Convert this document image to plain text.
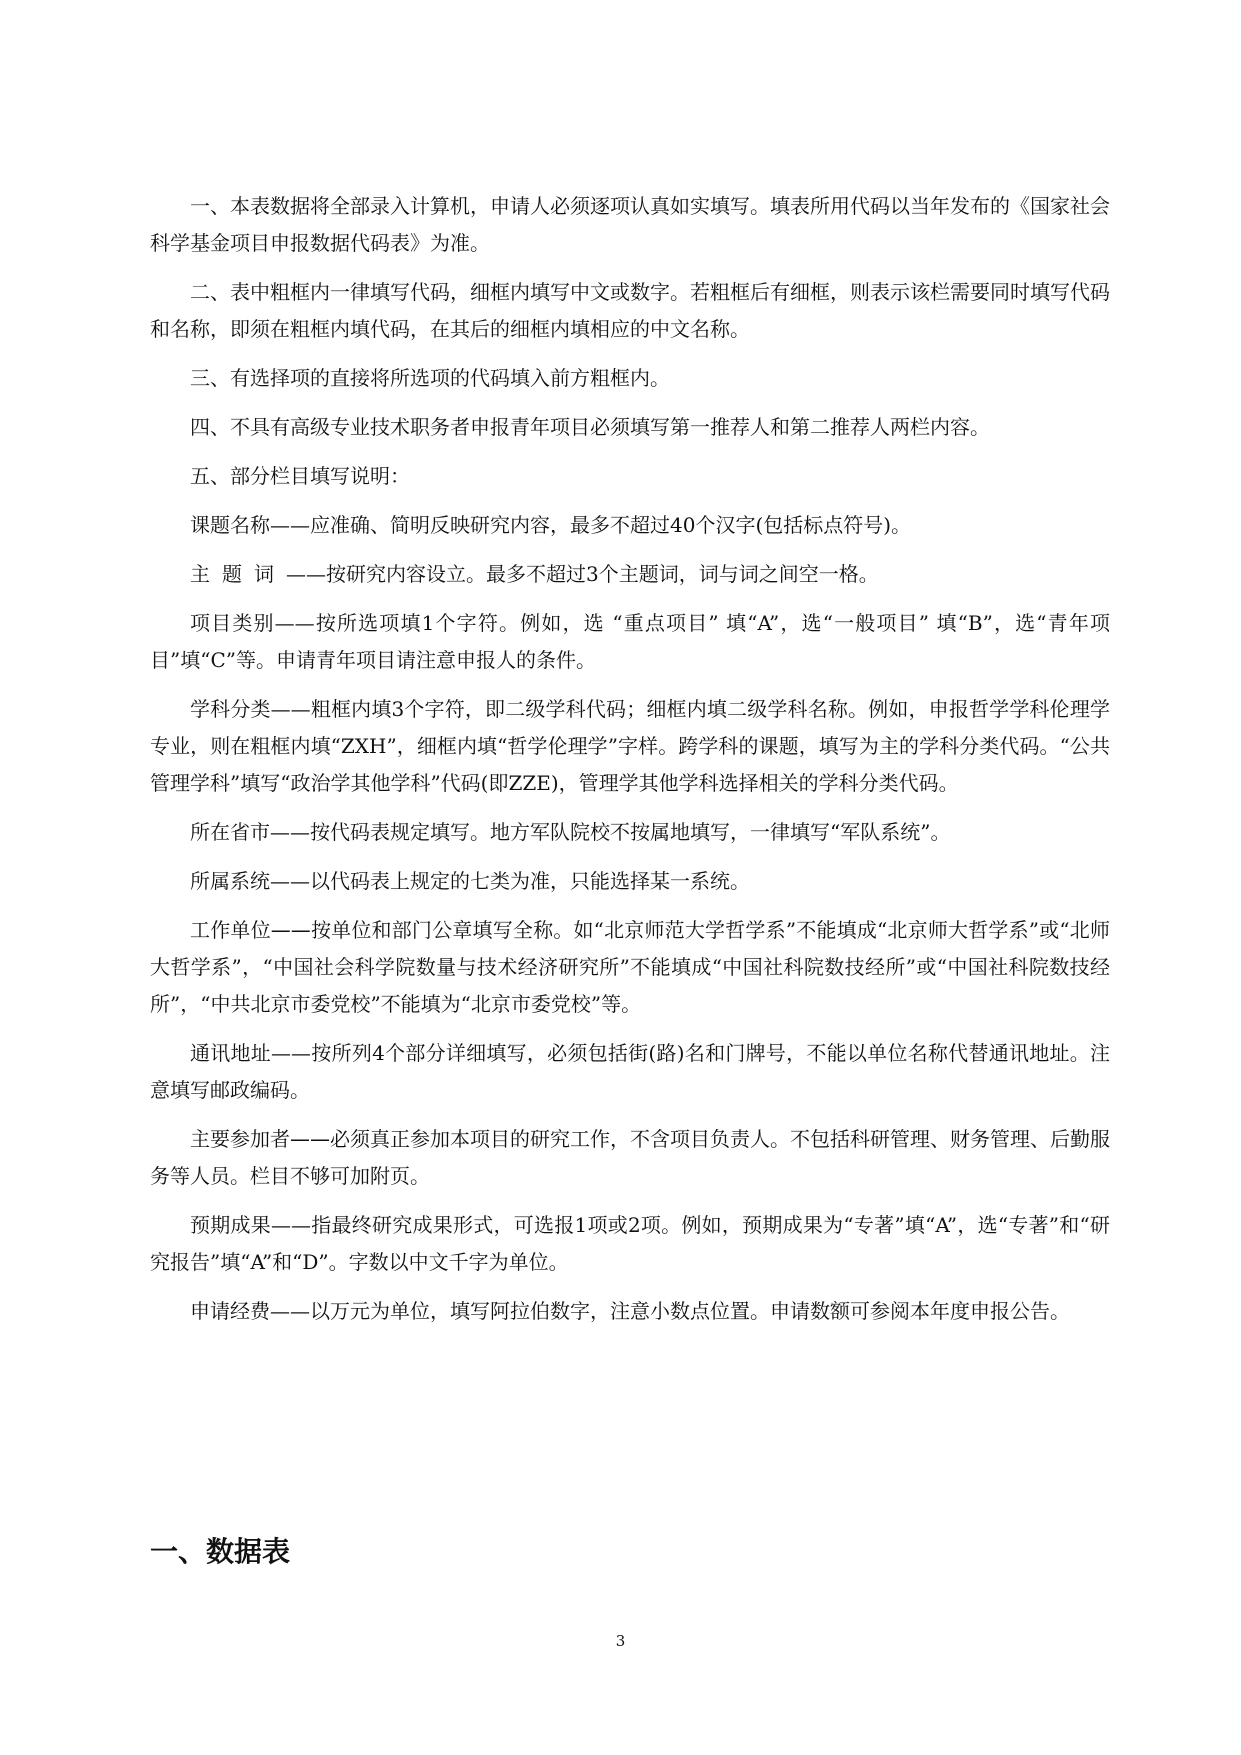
一、本表数据将全部录入计算机，申请人必须逐项认真如实填写。填表所用代码以当年发布的《国家社会科学基金项目申报数据代码表》为准。

二、表中粗框内一律填写代码，细框内填写中文或数字。若粗框后有细框，则表示该栏需要同时填写代码和名称，即须在粗框内填代码，在其后的细框内填相应的中文名称。

三、有选择项的直接将所选项的代码填入前方粗框内。

四、不具有高级专业技术职务者申报青年项目必须填写第一推荐人和第二推荐人两栏内容。

五、部分栏目填写说明：

课题名称——应准确、简明反映研究内容，最多不超过40个汉字(包括标点符号)。

主题词——按研究内容设立。最多不超过3个主题词，词与词之间空一格。

项目类别——按所选项填1个字符。例如，选 “重点项目” 填“A”，选“一般项目” 填“B”，选“青年项目”填“C”等。申请青年项目请注意申报人的条件。

学科分类——粗框内填3个字符，即二级学科代码；细框内填二级学科名称。例如，申报哲学学科伦理学专业，则在粗框内填“ZXH”，细框内填“哲学伦理学”字样。跨学科的课题，填写为主的学科分类代码。“公共管理学科”填写“政治学其他学科”代码(即ZZE)，管理学其他学科选择相关的学科分类代码。

所在省市——按代码表规定填写。地方军队院校不按属地填写，一律填写“军队系统”。

所属系统——以代码表上规定的七类为准，只能选择某一系统。

工作单位——按单位和部门公章填写全称。如“北京师范大学哲学系”不能填成“北京师大哲学系”或“北师大哲学系”，“中国社会科学院数量与技术经济研究所”不能填成“中国社科院数技经所”或“中国社科院数技经所”，“中共北京市委党校”不能填为“北京市委党校”等。

通讯地址——按所列4个部分详细填写，必须包括街(路)名和门牌号，不能以单位名称代替通讯地址。注意填写邮政编码。

主要参加者——必须真正参加本项目的研究工作，不含项目负责人。不包括科研管理、财务管理、后勤服务等人员。栏目不够可加附页。

预期成果——指最终研究成果形式，可选报1项或2项。例如，预期成果为“专著”填“A”，选“专著”和“研究报告”填“A”和“D”。字数以中文千字为单位。

申请经费——以万元为单位，填写阿拉伯数字，注意小数点位置。申请数额可参阅本年度申报公告。

一、数据表
3
